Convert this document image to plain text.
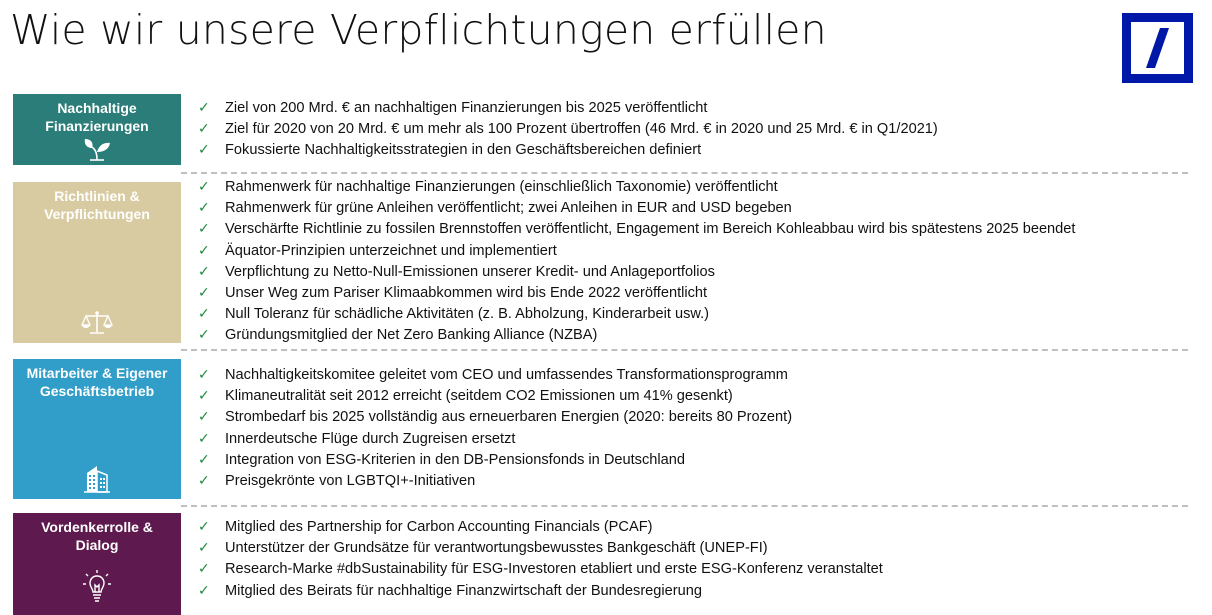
Wie wir unsere Verpflichtungen erfüllen
Nachhaltige Finanzierungen
✓ Ziel von 200 Mrd. € an nachhaltigen Finanzierungen bis 2025 veröffentlicht
✓ Ziel für 2020 von 20 Mrd. € um mehr als 100 Prozent übertroffen (46 Mrd. € in 2020 und 25 Mrd. € in Q1/2021)
✓ Fokussierte Nachhaltigkeitsstrategien in den Geschäftsbereichen definiert
Richtlinien & Verpflichtungen
✓ Rahmenwerk für nachhaltige Finanzierungen (einschließlich Taxonomie) veröffentlicht
✓ Rahmenwerk für grüne Anleihen veröffentlicht; zwei Anleihen in EUR and USD begeben
✓ Verschärfte Richtlinie zu fossilen Brennstoffen veröffentlicht, Engagement im Bereich Kohleabbau wird bis spätestens 2025 beendet
✓ Äquator-Prinzipien unterzeichnet und implementiert
✓ Verpflichtung zu Netto-Null-Emissionen unserer Kredit- und Anlageportfolios
✓ Unser Weg zum Pariser Klimaabkommen wird bis Ende 2022 veröffentlicht
✓ Null Toleranz für schädliche Aktivitäten (z. B. Abholzung, Kinderarbeit usw.)
✓ Gründungsmitglied der Net Zero Banking Alliance (NZBA)
Mitarbeiter & Eigener Geschäftsbetrieb
✓ Nachhaltigkeitskomitee geleitet vom CEO und umfassendes Transformationsprogramm
✓ Klimaneutralität seit 2012 erreicht (seitdem CO2 Emissionen um 41% gesenkt)
✓ Strombedarf bis 2025 vollständig aus erneuerbaren Energien (2020: bereits 80 Prozent)
✓ Innerdeutsche Flüge durch Zugreisen ersetzt
✓ Integration von ESG-Kriterien in den DB-Pensionsfonds in Deutschland
✓ Preisgekrönte von LGBTQI+-Initiativen
Vordenkerrolle & Dialog
✓ Mitglied des Partnership for Carbon Accounting Financials (PCAF)
✓ Unterstützer der Grundsätze für verantwortungsbewusstes Bankgeschäft (UNEP-FI)
✓ Research-Marke #dbSustainability für ESG-Investoren etabliert und erste ESG-Konferenz veranstaltet
✓ Mitglied des Beirats für nachhaltige Finanzwirtschaft der Bundesregierung
